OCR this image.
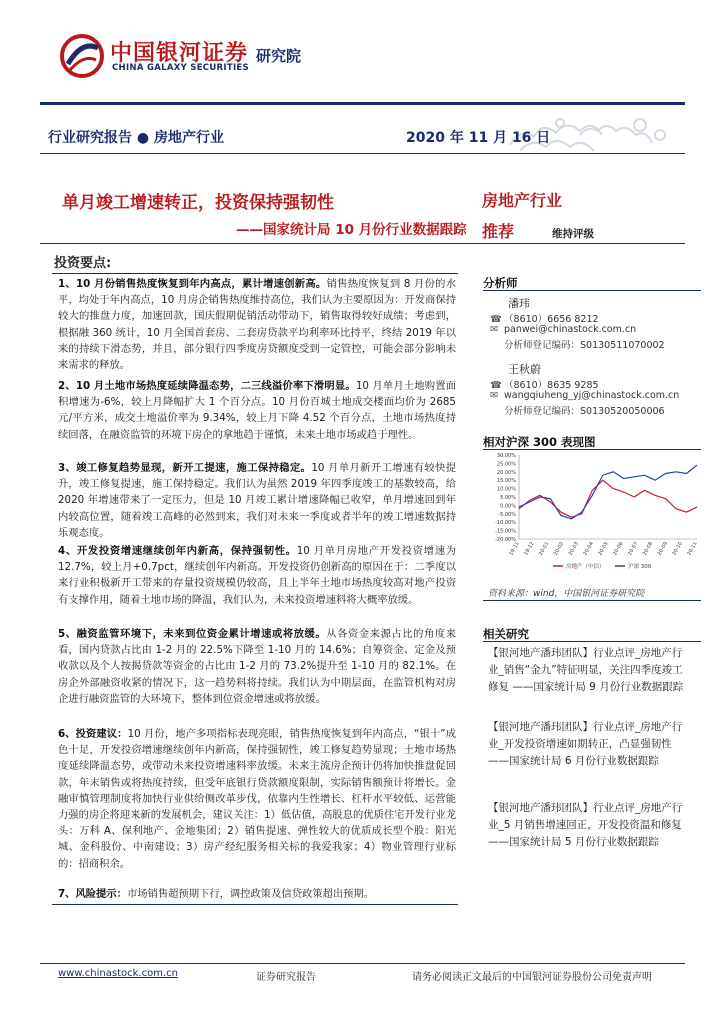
中国银河证券
CHINA GALAXY SECURITIES
研究院
行业研究报告 ● 房地产行业	2020 年 11 月 16 日
单月竣工增速转正，投资保持强韧性
——国家统计局 10 月份行业数据跟踪
房地产行业
推荐	维持评级
投资要点:
1、10 月份销售热度恢复到年内高点，累计增速创新高。销售热度恢复到 8 月份的水平，均处于年内高点，10 月房企销售热度维持高位，我们认为主要原因为：开发商保持较大的推盘力度，加速回款，国庆假期促销活动带动下，销售取得较好成绩；考虑到，根据融 360 统计，10 月全国首套房、二套房贷款平均利率环比持平，终结 2019 年以来的持续下滑态势，并且，部分银行四季度房贷额度受到一定管控，可能会部分影响未来需求的释放。
2、10 月土地市场热度延续降温态势，二三线溢价率下滑明显。10 月单月土地购置面积增速为-6%，较上月降幅扩大 1 个百分点。10 月份百城土地成交楼面均价为 2685 元/平方米，成交土地溢价率为 9.34%，较上月下降 4.52 个百分点，土地市场热度持续回落，在融资监管的环境下房企的拿地趋于谨慎，未来土地市场或趋于理性。
3、竣工修复趋势显现，新开工提速，施工保持稳定。10 月单月新开工增速有较快提升，竣工修复提速，施工保持稳定。我们认为虽然 2019 年四季度竣工的基数较高，给 2020 年增速带来了一定压力，但是 10 月竣工累计增速降幅已收窄，单月增速回到年内较高位置，随着竣工高峰的必然到来，我们对未来一季度或者半年的竣工增速数据持乐观态度。
4、开发投资增速继续创年内新高，保持强韧性。10 月单月房地产开发投资增速为 12.7%，较上月+0.7pct，继续创年内新高。开发投资仍创新高的原因在于：二季度以来行业积极新开工带来的存量投资规模仍较高，且上半年土地市场热度较高对地产投资有支撑作用，随着土地市场的降温，我们认为，未来投资增速料将大概率放缓。
5、融资监管环境下，未来到位资金累计增速或将放缓。从各资金来源占比的角度来看，国内贷款占比由 1-2 月的 22.5%下降至 1-10 月的 14.6%；自筹资金、定金及预收款以及个人按揭贷款等资金的占比由 1-2 月的 73.2%提升至 1-10 月的 82.1%。在房企外部融资收紧的情况下，这一趋势料将持续。我们认为中期层面，在监管机构对房企进行融资监管的大环境下，整体到位资金增速或将放缓。
6、投资建议：10 月份，地产多项指标表现亮眼，销售热度恢复到年内高点，“银十”成色十足，开发投资增速继续创年内新高，保持强韧性，竣工修复趋势显现；土地市场热度延续降温态势，或带动未来投资增速料率放缓。未来主流房企预计仍将加快推盘促回款，年末销售或将热度持续，但受年底银行贷款额度限制，实际销售额预计将增长。金融审慎管理制度将加快行业供给侧改革步伐，依靠内生性增长、杠杆水平较低、运营能力强的房企将迎来新的发展机会，建议关注：1）低估值，高股息的优质住宅开发行业龙头：万科 A、保利地产、金地集团；2）销售提速、弹性较大的优质成长型个股：阳光城、金科股份、中南建设；3）房产经纪服务相关标的我爱我家；4）物业管理行业标的：招商积余。
7、风险提示：市场销售超预期下行，调控政策及信贷政策超出预期。
分析师
潘玮
☎ （8610）6656 8212
✉ panwei@chinastock.com.cn
分析师登记编码：S0130511070002
王秋蔚
☎ （8610）8635 9285
✉ wangqiuheng_yj@chinastock.com.cn
分析师登记编码：S0130520050006
相对沪深 300 表现图
30.00%
25.00%
20.00%
15.00%
10.00%
5.00%
0.00%
-5.00%
-10.00%
-15.00%
-20.00%
19-11 19-12 20-01 20-02 20-03 20-04 20-05 20-06 20-07 20-08 20-09 20-10 20-11
房地产（中信）	沪深 300
资料来源：wind，中国银河证券研究院
相关研究
【银河地产潘玮团队】行业点评_房地产行业_销售“金九”特征明显，关注四季度竣工修复 ——国家统计局 9 月份行业数据跟踪
【银河地产潘玮团队】行业点评_房地产行业_开发投资增速如期转正，凸显强韧性——国家统计局 6 月份行业数据跟踪
【银河地产潘玮团队】行业点评_房地产行业_5 月销售增速回正，开发投资温和修复 ——国家统计局 5 月份行业数据跟踪
www.chinastock.com.cn	证券研究报告	请务必阅读正文最后的中国银河证券股份公司免责声明
